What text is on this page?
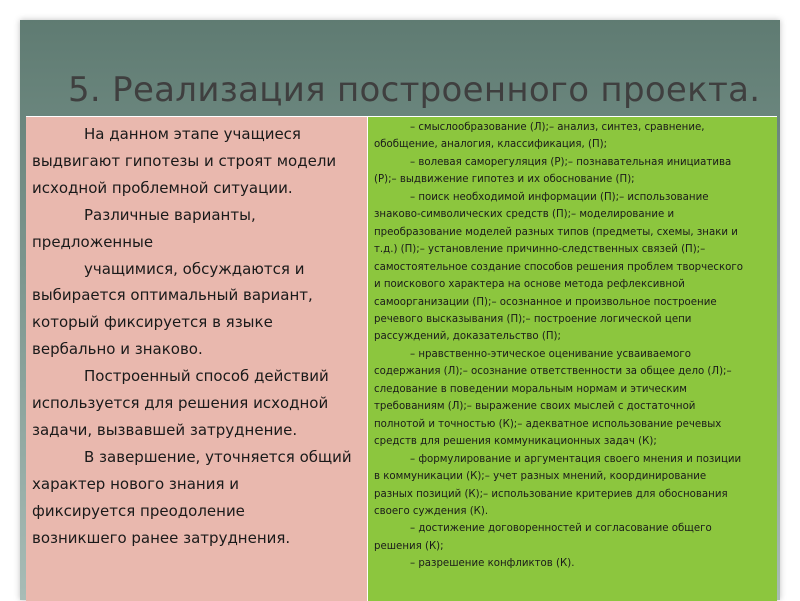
5. Реализация построенного проекта.

На данном этапе учащиеся

выдвигают гипотезы и строят модели

исходной проблемной ситуации.

Различные варианты,

предложенные

учащимися, обсуждаются и

выбирается оптимальный вариант,

который фиксируется в языке

вербально и знаково.

Построенный способ действий

используется для решения исходной

задачи, вызвавшей затруднение.

В завершение, уточняется общий

характер нового знания и

фиксируется преодоление

возникшего ранее затруднения.

– смыслообразование (Л);– анализ, синтез, сравнение,

обобщение, аналогия, классификация, (П);

– волевая саморегуляция (Р);– познавательная инициатива

(Р);– выдвижение гипотез и их обоснование (П);

– поиск необходимой информации (П);– использование

знаково-символических средств (П);– моделирование и

преобразование моделей разных типов (предметы, схемы, знаки и

т.д.) (П);– установление причинно-следственных связей (П);–

самостоятельное создание способов решения проблем творческого

и поискового характера на основе метода рефлексивной

самоорганизации (П);– осознанное и произвольное построение

речевого высказывания (П);– построение логической цепи

рассуждений, доказательство (П);

– нравственно-этическое оценивание усваиваемого

содержания (Л);– осознание ответственности за общее дело (Л);–

следование в поведении моральным нормам и этическим

требованиям (Л);– выражение своих мыслей с достаточной

полнотой и точностью (К);– адекватное использование речевых

средств для решения коммуникационных задач (К);

– формулирование и аргументация своего мнения и позиции

в коммуникации (К);– учет разных мнений, координирование

разных позиций (К);– использование критериев для обоснования

своего суждения (К).

– достижение договоренностей и согласование общего

решения (К);

– разрешение конфликтов (К).
